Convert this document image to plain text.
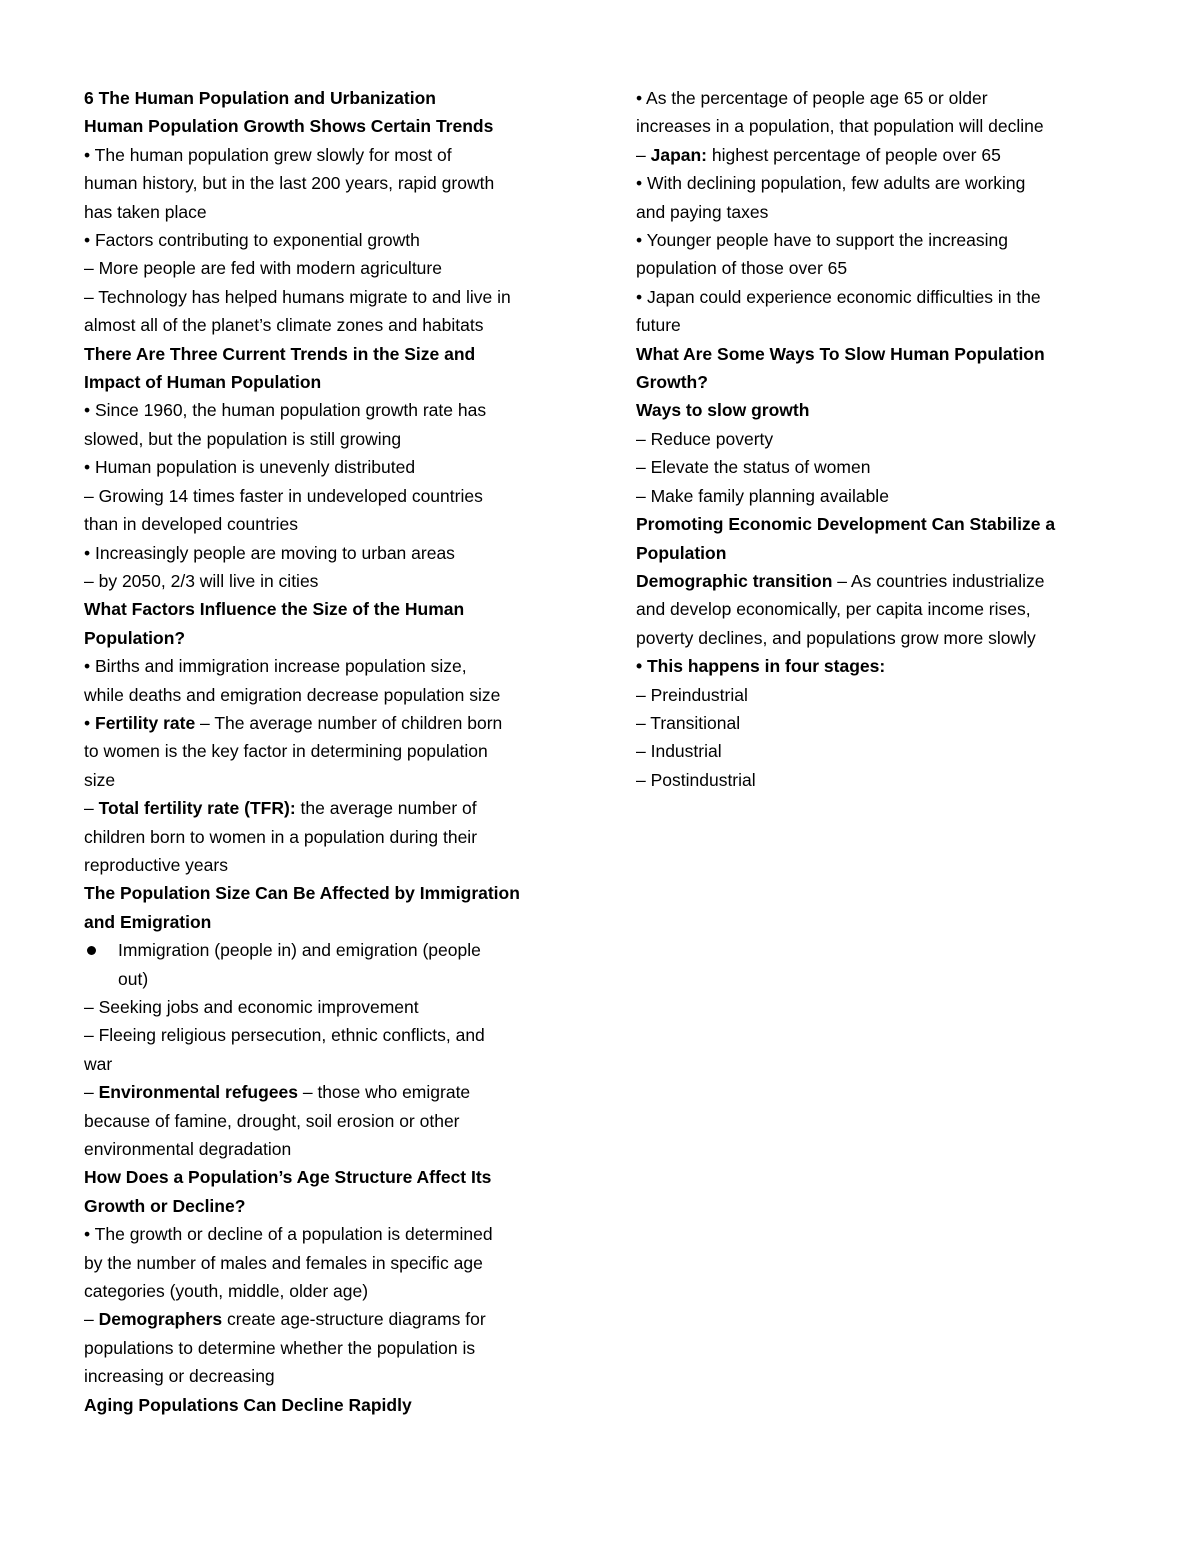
6 The Human Population and Urbanization
Human Population Growth Shows Certain Trends
• The human population grew slowly for most of
human history, but in the last 200 years, rapid growth
has taken place
• Factors contributing to exponential growth
– More people are fed with modern agriculture
– Technology has helped humans migrate to and live in
almost all of the planet’s climate zones and habitats
There Are Three Current Trends in the Size and
Impact of Human Population
• Since 1960, the human population growth rate has
slowed, but the population is still growing
• Human population is unevenly distributed
– Growing 14 times faster in undeveloped countries
than in developed countries
• Increasingly people are moving to urban areas
– by 2050, 2/3 will live in cities
What Factors Influence the Size of the Human
Population?
• Births and immigration increase population size,
while deaths and emigration decrease population size
• Fertility rate – The average number of children born
to women is the key factor in determining population
size
– Total fertility rate (TFR): the average number of
children born to women in a population during their
reproductive years
The Population Size Can Be Affected by Immigration
and Emigration
Immigration (people in) and emigration (people
out)
– Seeking jobs and economic improvement
– Fleeing religious persecution, ethnic conflicts, and
war
– Environmental refugees – those who emigrate
because of famine, drought, soil erosion or other
environmental degradation
How Does a Population’s Age Structure Affect Its
Growth or Decline?
• The growth or decline of a population is determined
by the number of males and females in specific age
categories (youth, middle, older age)
– Demographers create age-structure diagrams for
populations to determine whether the population is
increasing or decreasing
Aging Populations Can Decline Rapidly
• As the percentage of people age 65 or older
increases in a population, that population will decline
– Japan: highest percentage of people over 65
• With declining population, few adults are working
and paying taxes
• Younger people have to support the increasing
population of those over 65
• Japan could experience economic difficulties in the
future
What Are Some Ways To Slow Human Population
Growth?
Ways to slow growth
– Reduce poverty
– Elevate the status of women
– Make family planning available
Promoting Economic Development Can Stabilize a
Population
Demographic transition – As countries industrialize
and develop economically, per capita income rises,
poverty declines, and populations grow more slowly
• This happens in four stages:
– Preindustrial
– Transitional
– Industrial
– Postindustrial
